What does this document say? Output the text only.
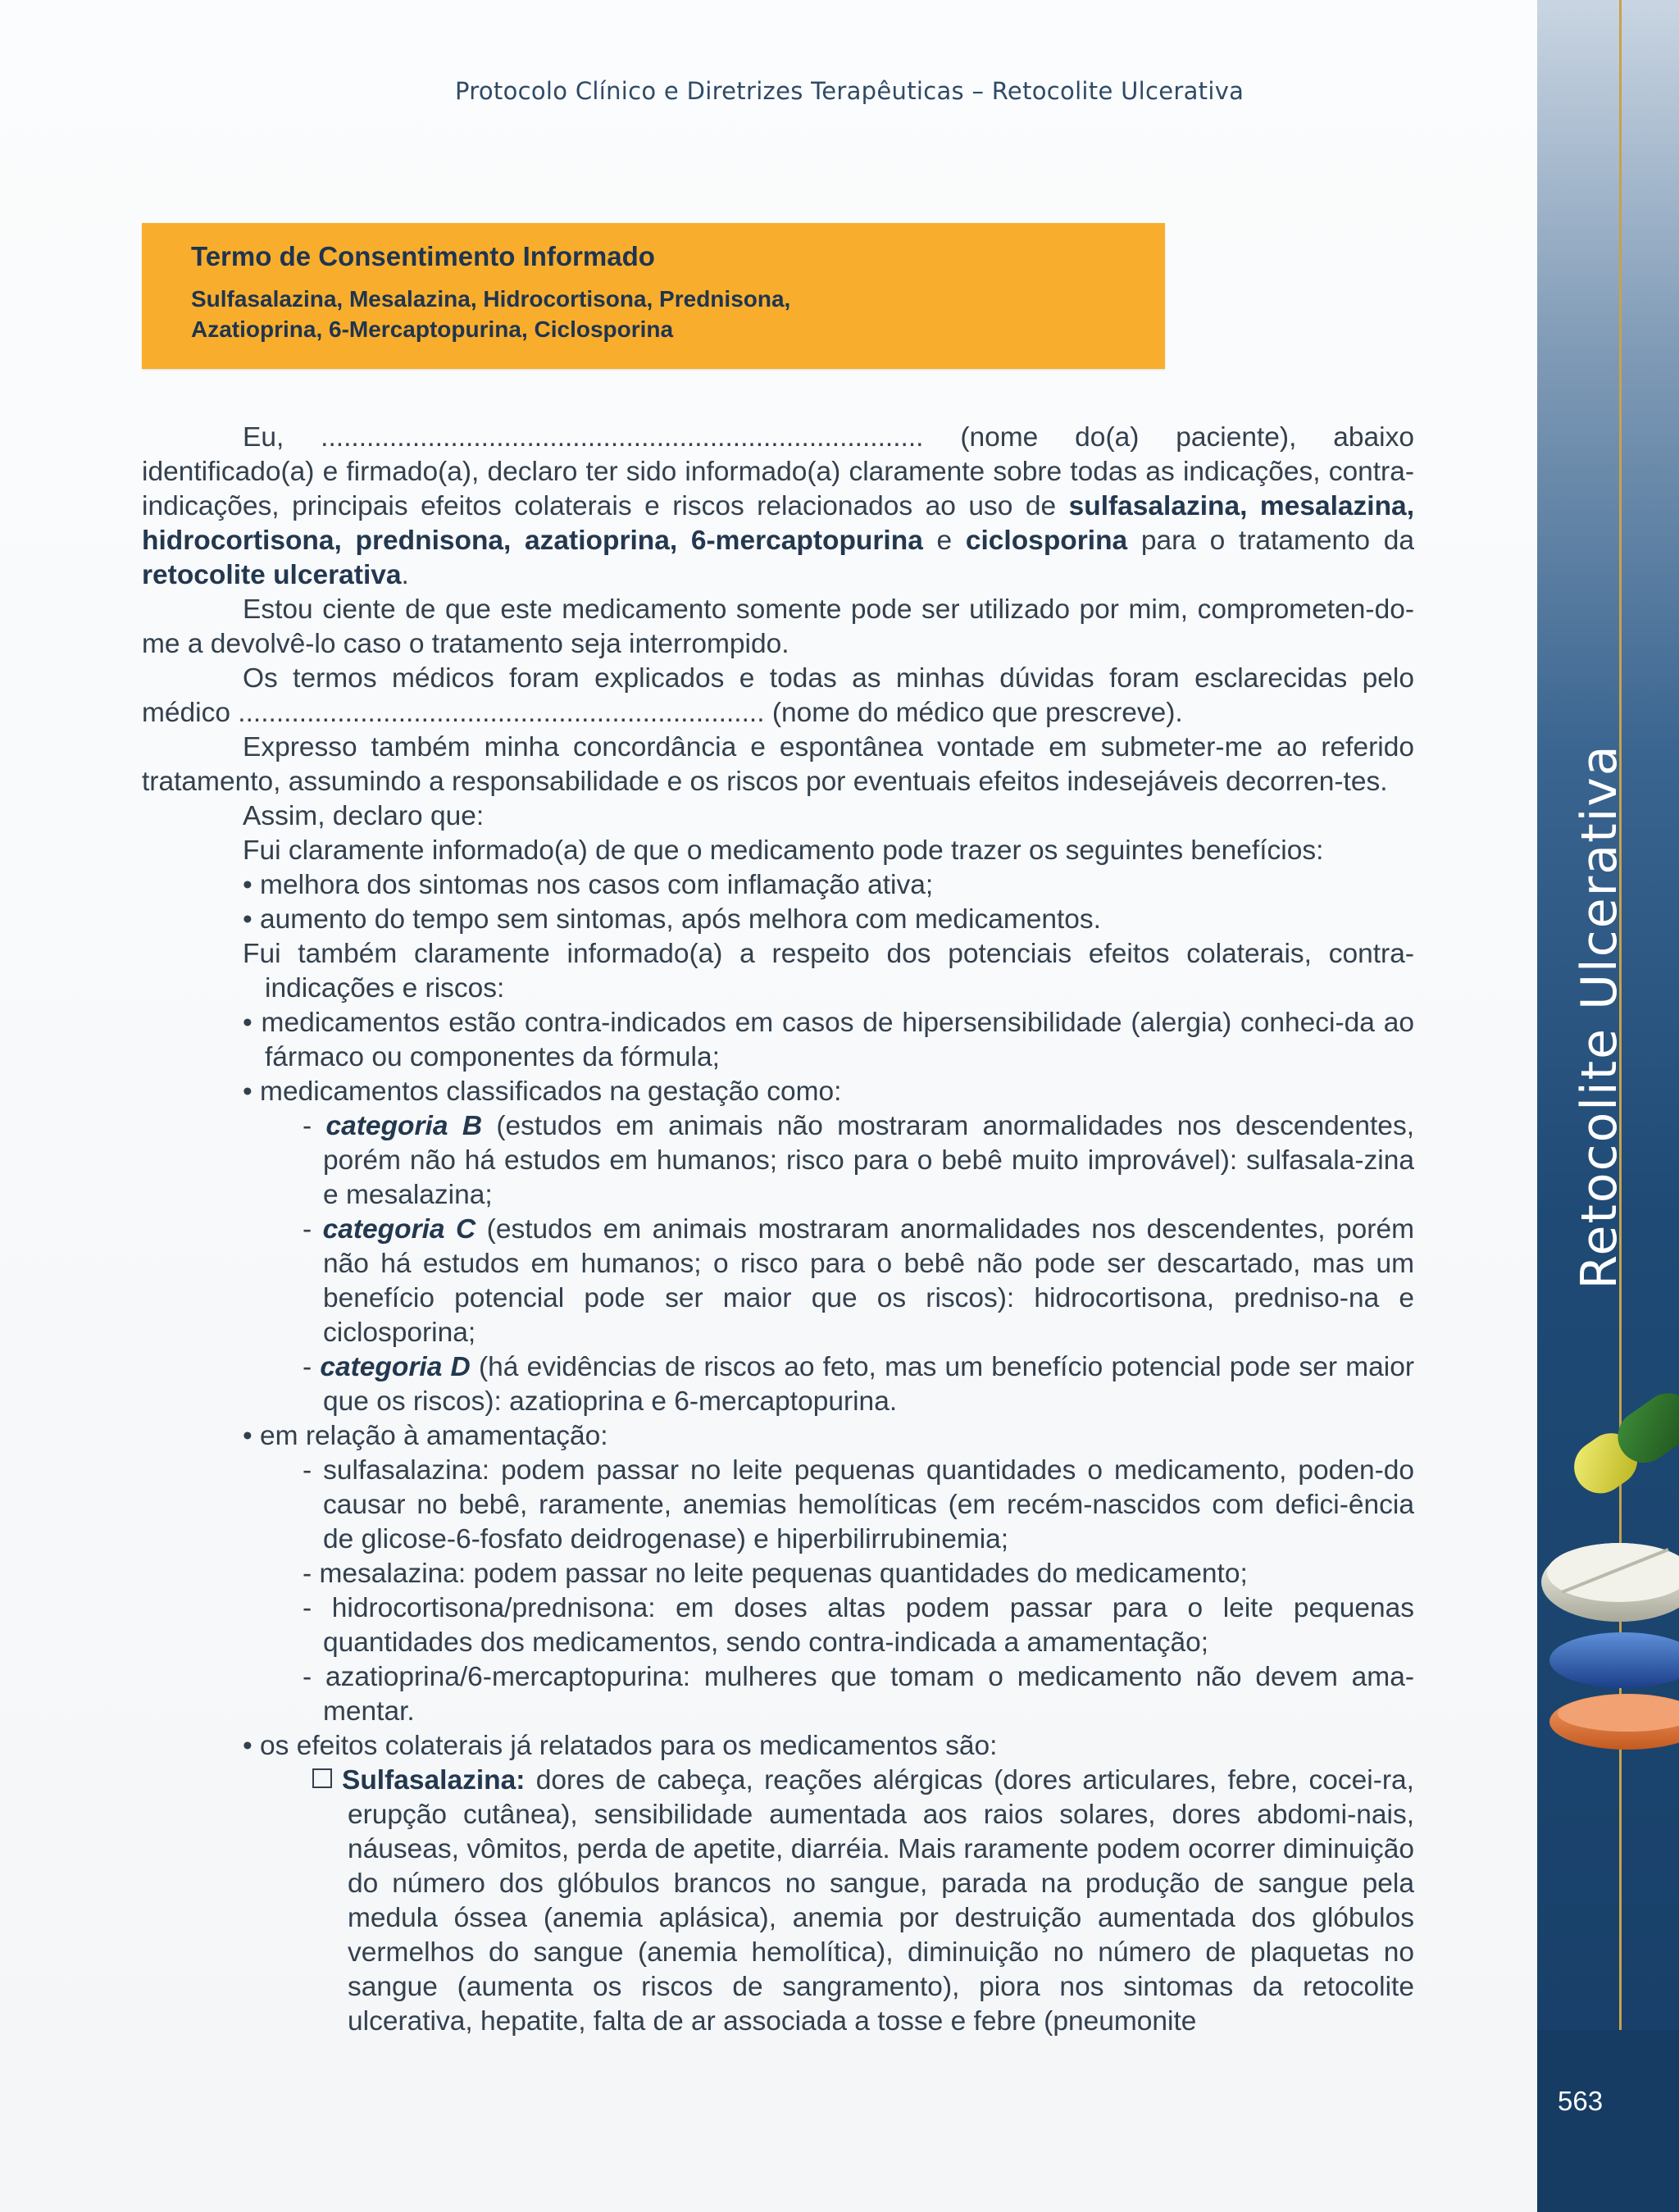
Protocolo Clínico e Diretrizes Terapêuticas – Retocolite Ulcerativa
Termo de Consentimento Informado
Sulfasalazina, Mesalazina, Hidrocortisona, Prednisona,
Azatioprina, 6-Mercaptopurina, Ciclosporina
Eu, ............................................................................... (nome do(a) paciente), abaixo identificado(a) e firmado(a), declaro ter sido informado(a) claramente sobre todas as indicações, contra-indicações, principais efeitos colaterais e riscos relacionados ao uso de sulfasalazina, mesalazina, hidrocortisona, prednisona, azatioprina, 6-mercaptopurina e ciclosporina para o tratamento da retocolite ulcerativa.
Estou ciente de que este medicamento somente pode ser utilizado por mim, comprometen-do-me a devolvê-lo caso o tratamento seja interrompido.
Os termos médicos foram explicados e todas as minhas dúvidas foram esclarecidas pelo médico ..................................................................... (nome do médico que prescreve).
Expresso também minha concordância e espontânea vontade em submeter-me ao referido tratamento, assumindo a responsabilidade e os riscos por eventuais efeitos indesejáveis decorren-tes.
Assim, declaro que:
Fui claramente informado(a) de que o medicamento pode trazer os seguintes benefícios:
• melhora dos sintomas nos casos com inflamação ativa;
• aumento do tempo sem sintomas, após melhora com medicamentos.
Fui também claramente informado(a) a respeito dos potenciais efeitos colaterais, contra-indicações e riscos:
• medicamentos estão contra-indicados em casos de hipersensibilidade (alergia) conheci-da ao fármaco ou componentes da fórmula;
• medicamentos classificados na gestação como:
- categoria B (estudos em animais não mostraram anormalidades nos descendentes, porém não há estudos em humanos; risco para o bebê muito improvável): sulfasala-zina e mesalazina;
- categoria C (estudos em animais mostraram anormalidades nos descendentes, porém não há estudos em humanos; o risco para o bebê não pode ser descartado, mas um benefício potencial pode ser maior que os riscos): hidrocortisona, predniso-na e ciclosporina;
- categoria D (há evidências de riscos ao feto, mas um benefício potencial pode ser maior que os riscos): azatioprina e 6-mercaptopurina.
• em relação à amamentação:
- sulfasalazina: podem passar no leite pequenas quantidades o medicamento, poden-do causar no bebê, raramente, anemias hemolíticas (em recém-nascidos com defici-ência de glicose-6-fosfato deidrogenase) e hiperbilirrubinemia;
- mesalazina: podem passar no leite pequenas quantidades do medicamento;
- hidrocortisona/prednisona: em doses altas podem passar para o leite pequenas quantidades dos medicamentos, sendo contra-indicada a amamentação;
- azatioprina/6-mercaptopurina: mulheres que tomam o medicamento não devem ama-mentar.
• os efeitos colaterais já relatados para os medicamentos são:
Sulfasalazina: dores de cabeça, reações alérgicas (dores articulares, febre, cocei-ra, erupção cutânea), sensibilidade aumentada aos raios solares, dores abdomi-nais, náuseas, vômitos, perda de apetite, diarréia. Mais raramente podem ocorrer diminuição do número dos glóbulos brancos no sangue, parada na produção de sangue pela medula óssea (anemia aplásica), anemia por destruição aumentada dos glóbulos vermelhos do sangue (anemia hemolítica), diminuição no número de plaquetas no sangue (aumenta os riscos de sangramento), piora nos sintomas da retocolite ulcerativa, hepatite, falta de ar associada a tosse e febre (pneumonite
Retocolite Ulcerativa
563
